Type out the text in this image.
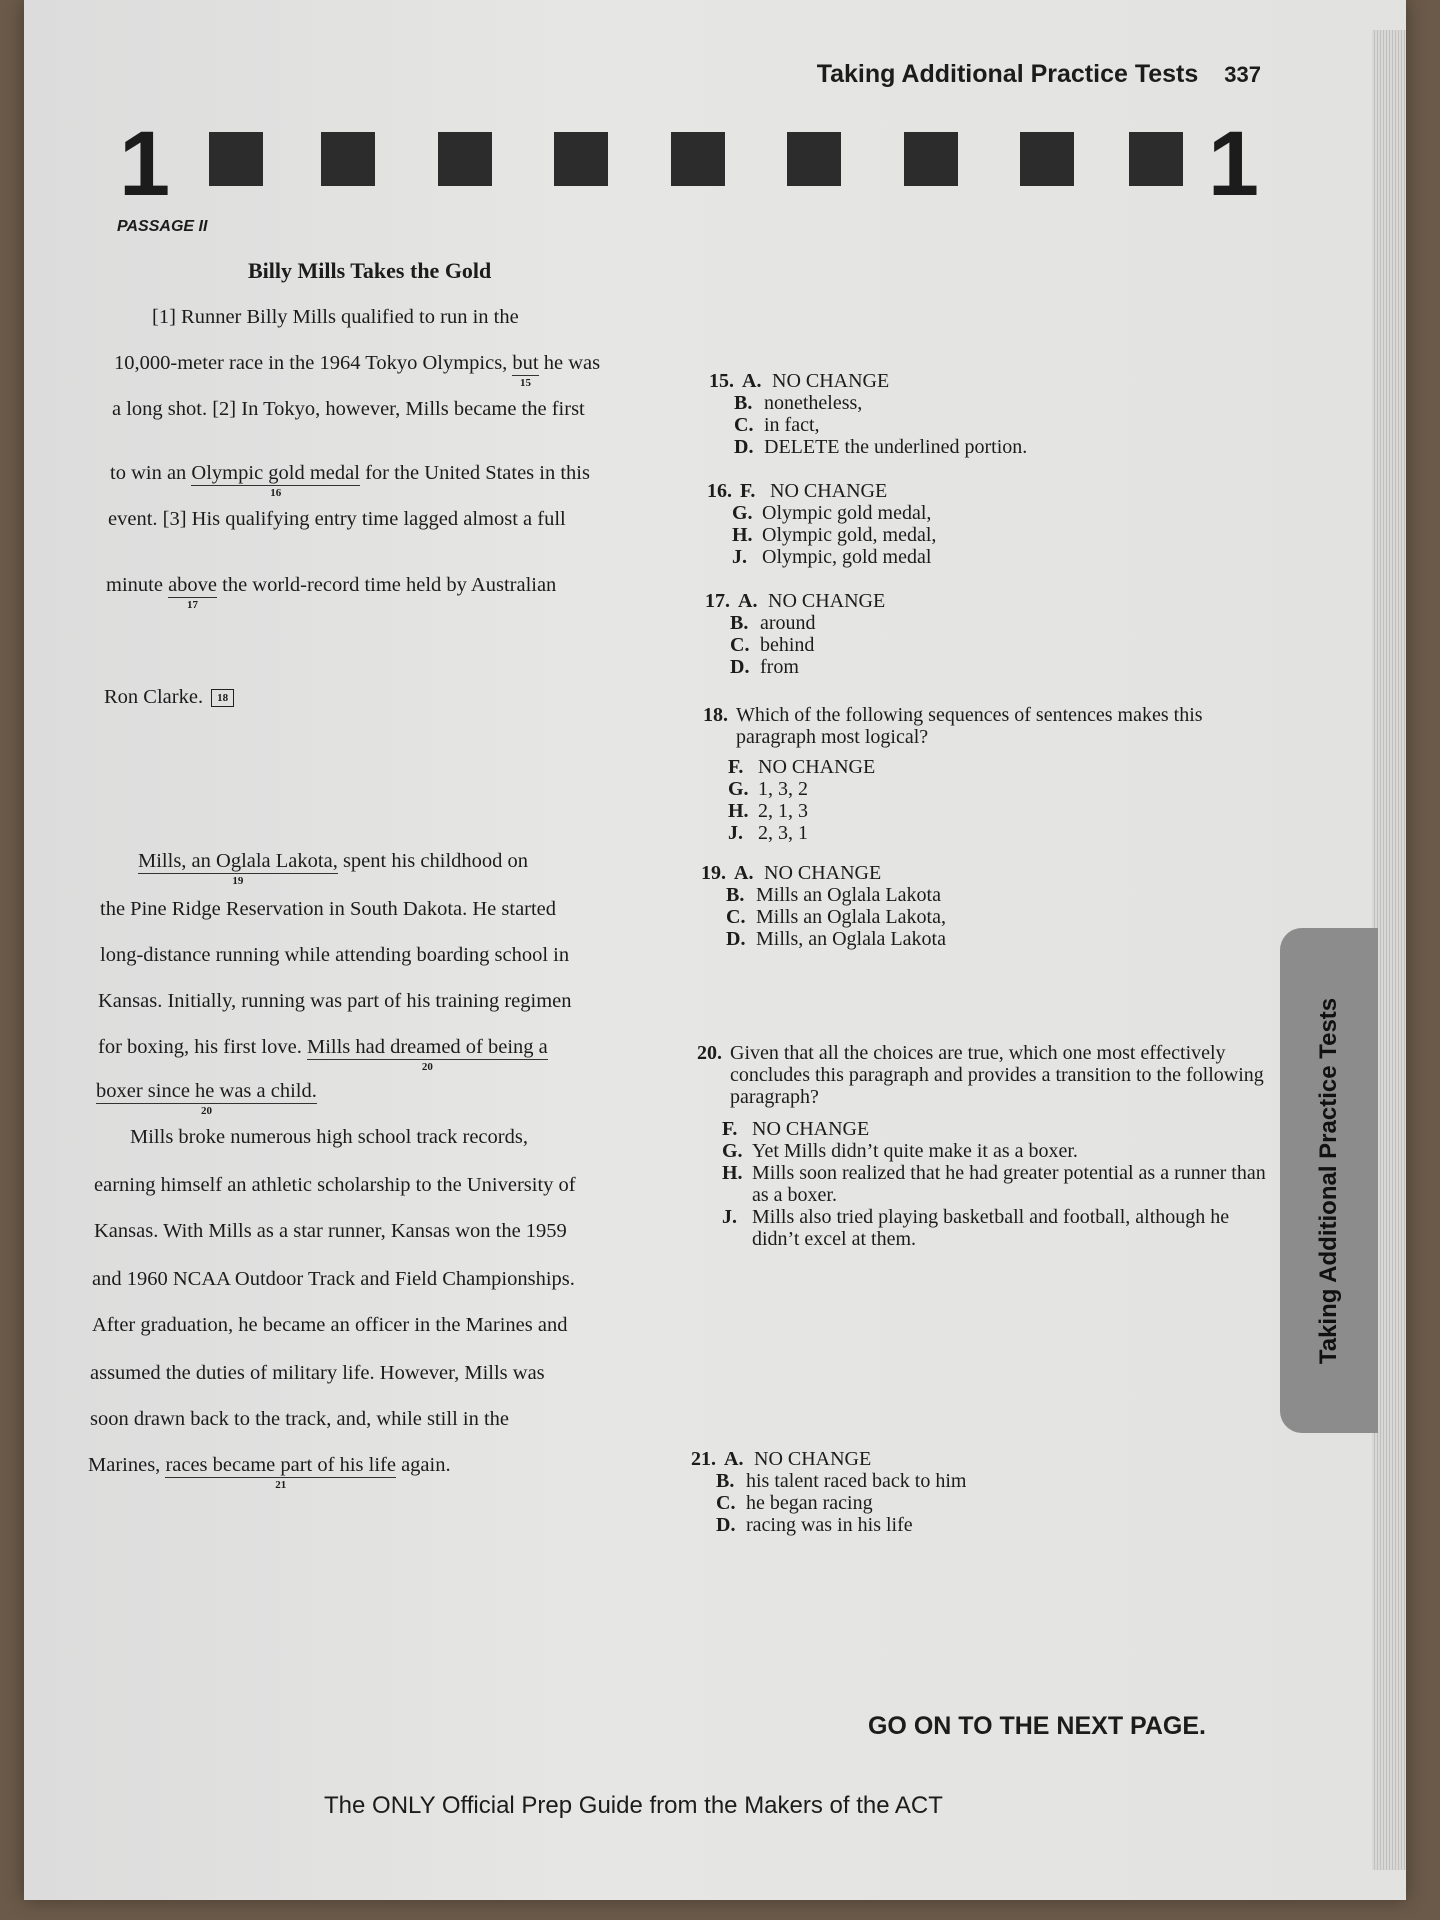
Taking Additional Practice Tests 337
1	1
PASSAGE II
Billy Mills Takes the Gold
[1] Runner Billy Mills qualified to run in the
10,000-meter race in the 1964 Tokyo Olympics, but
15
he was
a long shot. [2] In Tokyo, however, Mills became the first
to win an Olympic gold medal
16
for the United States in this
event. [3] His qualifying entry time lagged almost a full
minute above
17
the world-record time held by Australian
Ron Clarke. 18
Mills, an Oglala Lakota,
19
spent his childhood on
the Pine Ridge Reservation in South Dakota. He started
long-distance running while attending boarding school in
Kansas. Initially, running was part of his training regimen
for boxing, his first love. Mills had dreamed of being a
20
boxer since he was a child.
20
Mills broke numerous high school track records,
earning himself an athletic scholarship to the University of
Kansas. With Mills as a star runner, Kansas won the 1959
and 1960 NCAA Outdoor Track and Field Championships.
After graduation, he became an officer in the Marines and
assumed the duties of military life. However, Mills was
soon drawn back to the track, and, while still in the
Marines, races became part of his life
21
again.
15. A. NO CHANGE
B. nonetheless,
C. in fact,
D. DELETE the underlined portion.
16. F. NO CHANGE
G. Olympic gold medal,
H. Olympic gold, medal,
J. Olympic, gold medal
17. A. NO CHANGE
B. around
C. behind
D. from
18. Which of the following sequences of sentences makes this paragraph most logical?
F. NO CHANGE
G. 1, 3, 2
H. 2, 1, 3
J. 2, 3, 1
19. A. NO CHANGE
B. Mills an Oglala Lakota
C. Mills an Oglala Lakota,
D. Mills, an Oglala Lakota
20. Given that all the choices are true, which one most effectively concludes this paragraph and provides a transition to the following paragraph?
F. NO CHANGE
G. Yet Mills didn’t quite make it as a boxer.
H. Mills soon realized that he had greater potential as a runner than as a boxer.
J. Mills also tried playing basketball and football, although he didn’t excel at them.
21. A. NO CHANGE
B. his talent raced back to him
C. he began racing
D. racing was in his life
Taking Additional Practice Tests
GO ON TO THE NEXT PAGE.
The ONLY Official Prep Guide from the Makers of the ACT
